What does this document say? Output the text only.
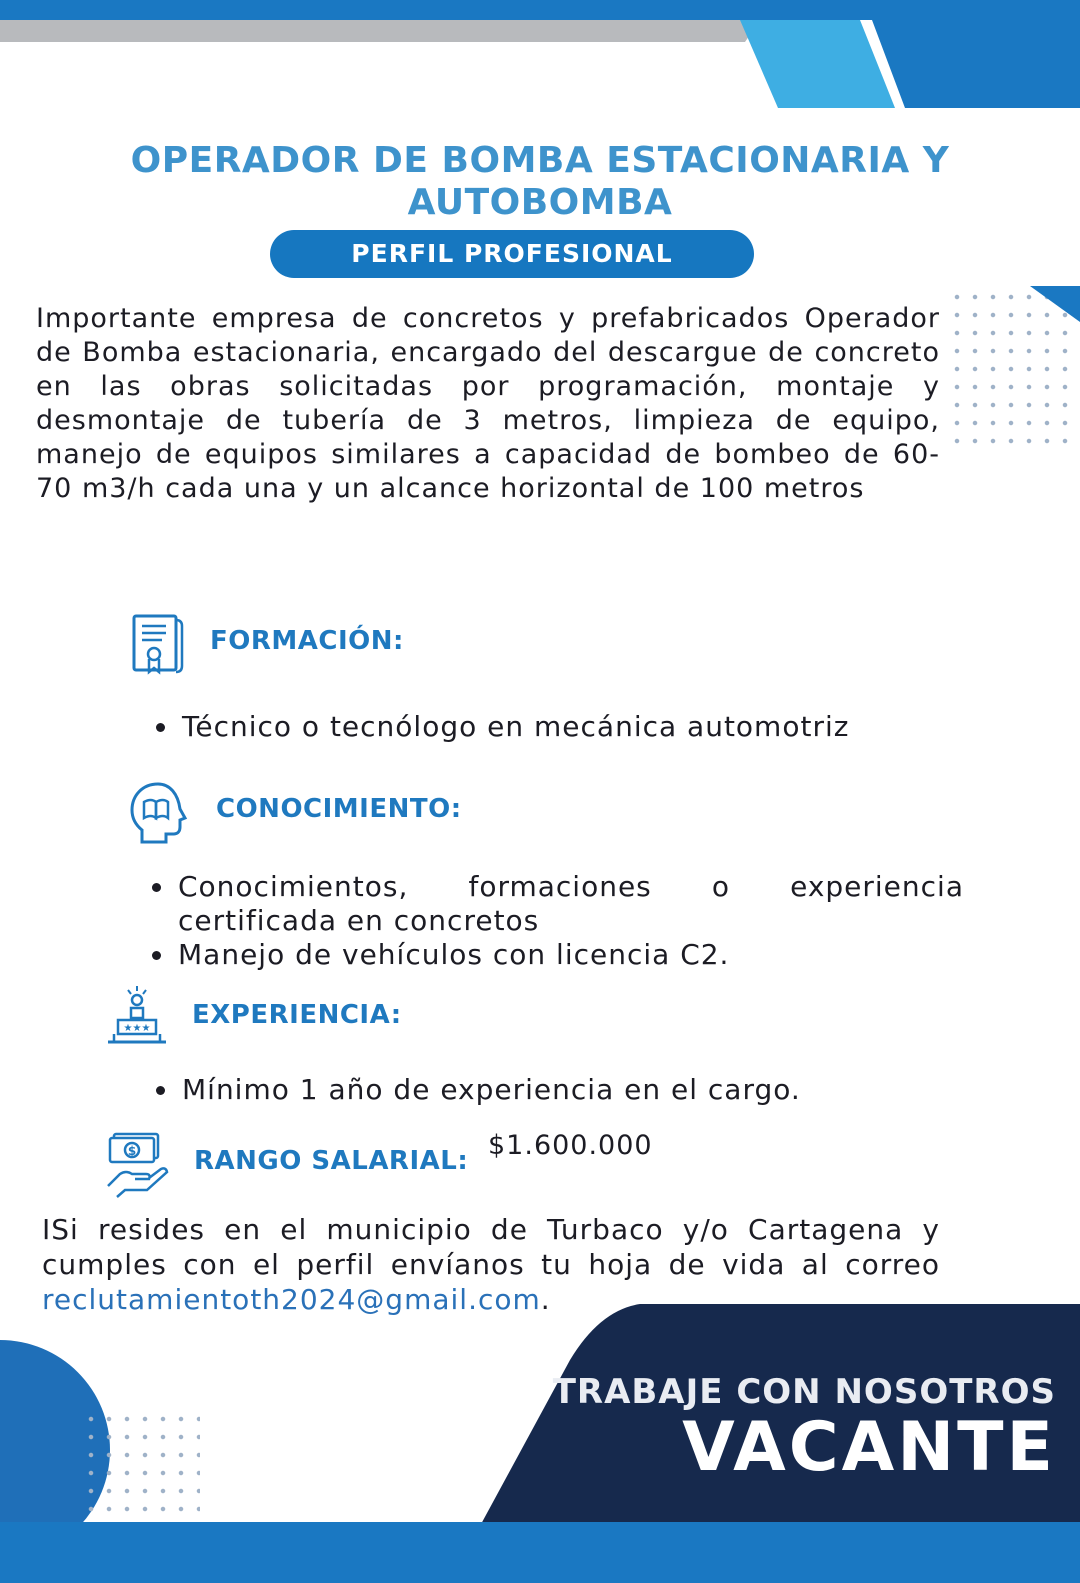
OPERADOR DE BOMBA ESTACIONARIA Y
AUTOBOMBA
PERFIL PROFESIONAL
Importante empresa de concretos y prefabricados Operador de Bomba estacionaria, encargado del descargue de concreto en las obras solicitadas por programación, montaje y desmontaje de tubería de 3 metros, limpieza de equipo, manejo de equipos similares a capacidad de bombeo de 60-70 m3/h cada una y un alcance horizontal de 100 metros
FORMACIÓN:
Técnico o tecnólogo en mecánica automotriz
CONOCIMIENTO:
Conocimientos, formaciones o experiencia certificada en concretos
Manejo de vehículos con licencia C2.
★★★ EXPERIENCIA:
Mínimo 1 año de experiencia en el cargo.
$ RANGO SALARIAL: $1.600.000
ISi resides en el municipio de Turbaco y/o Cartagena y cumples con el perfil envíanos tu hoja de vida al correo reclutamientoth2024@gmail.com.
TRABAJE CON NOSOTROS
VACANTE
